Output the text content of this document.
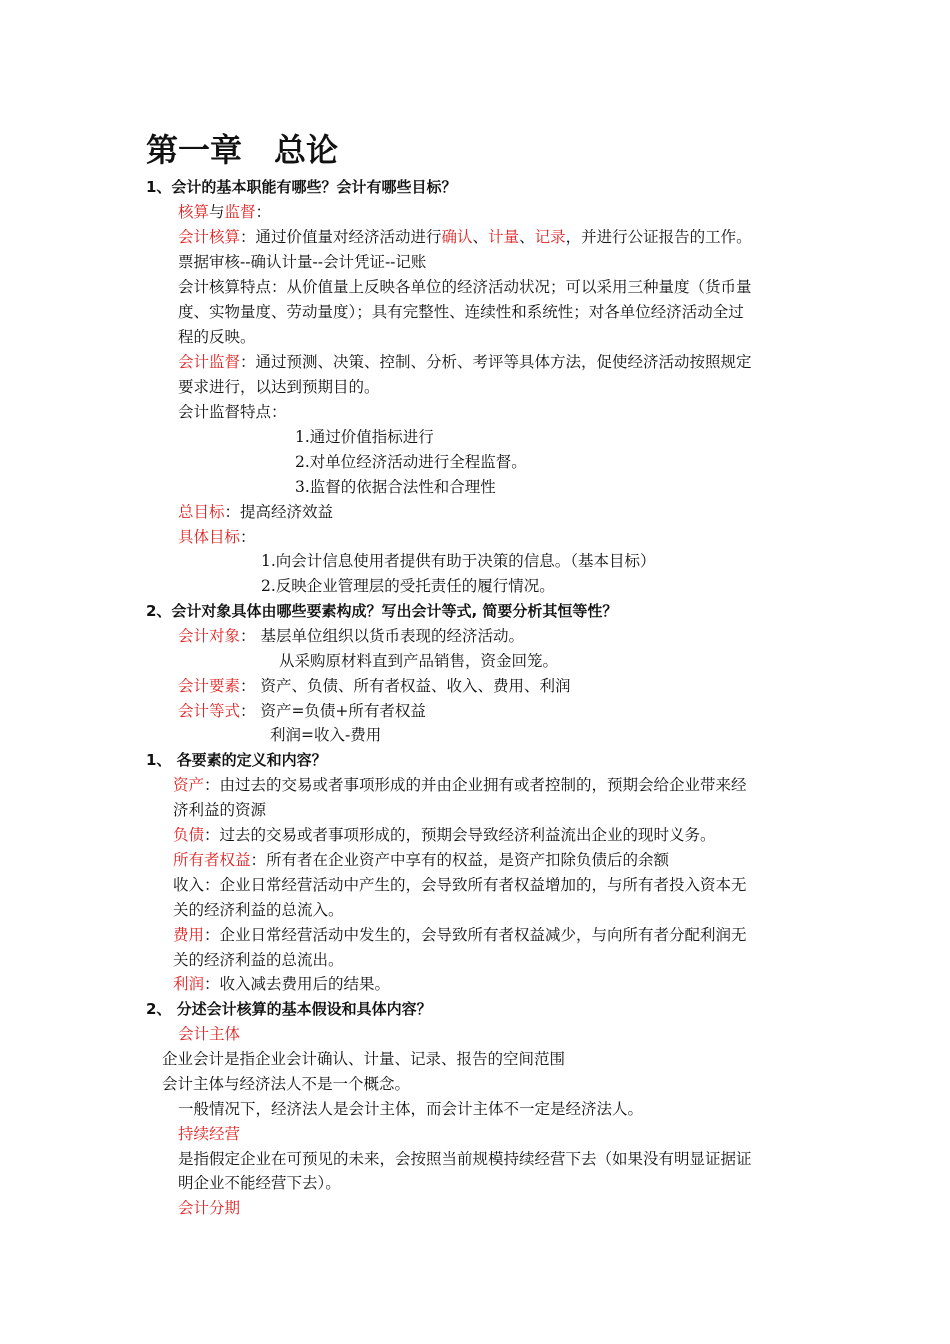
第一章　总论
1、会计的基本职能有哪些？会计有哪些目标？
核算与监督：
会计核算：通过价值量对经济活动进行确认、计量、记录，并进行公证报告的工作。
票据审核--确认计量--会计凭证--记账
会计核算特点：从价值量上反映各单位的经济活动状况；可以采用三种量度（货币量
度、实物量度、劳动量度）；具有完整性、连续性和系统性；对各单位经济活动全过
程的反映。
会计监督：通过预测、决策、控制、分析、考评等具体方法，促使经济活动按照规定
要求进行，以达到预期目的。
会计监督特点：
1.通过价值指标进行
2.对单位经济活动进行全程监督。
3.监督的依据合法性和合理性
总目标：提高经济效益
具体目标：
1.向会计信息使用者提供有助于决策的信息。（基本目标）
2.反映企业管理层的受托责任的履行情况。
2、会计对象具体由哪些要素构成？写出会计等式, 简要分析其恒等性？
会计对象： 基层单位组织以货币表现的经济活动。
从采购原材料直到产品销售，资金回笼。
会计要素： 资产、负债、所有者权益、收入、费用、利润
会计等式： 资产=负债+所有者权益
利润=收入-费用
1、 各要素的定义和内容？
资产：由过去的交易或者事项形成的并由企业拥有或者控制的，预期会给企业带来经
济利益的资源
负债：过去的交易或者事项形成的，预期会导致经济利益流出企业的现时义务。
所有者权益：所有者在企业资产中享有的权益，是资产扣除负债后的余额
收入：企业日常经营活动中产生的，会导致所有者权益增加的，与所有者投入资本无
关的经济利益的总流入。
费用：企业日常经营活动中发生的，会导致所有者权益减少，与向所有者分配利润无
关的经济利益的总流出。
利润：收入减去费用后的结果。
2、 分述会计核算的基本假设和具体内容？
会计主体
企业会计是指企业会计确认、计量、记录、报告的空间范围
会计主体与经济法人不是一个概念。
一般情况下，经济法人是会计主体，而会计主体不一定是经济法人。
持续经营
是指假定企业在可预见的未来，会按照当前规模持续经营下去（如果没有明显证据证
明企业不能经营下去）。
会计分期
